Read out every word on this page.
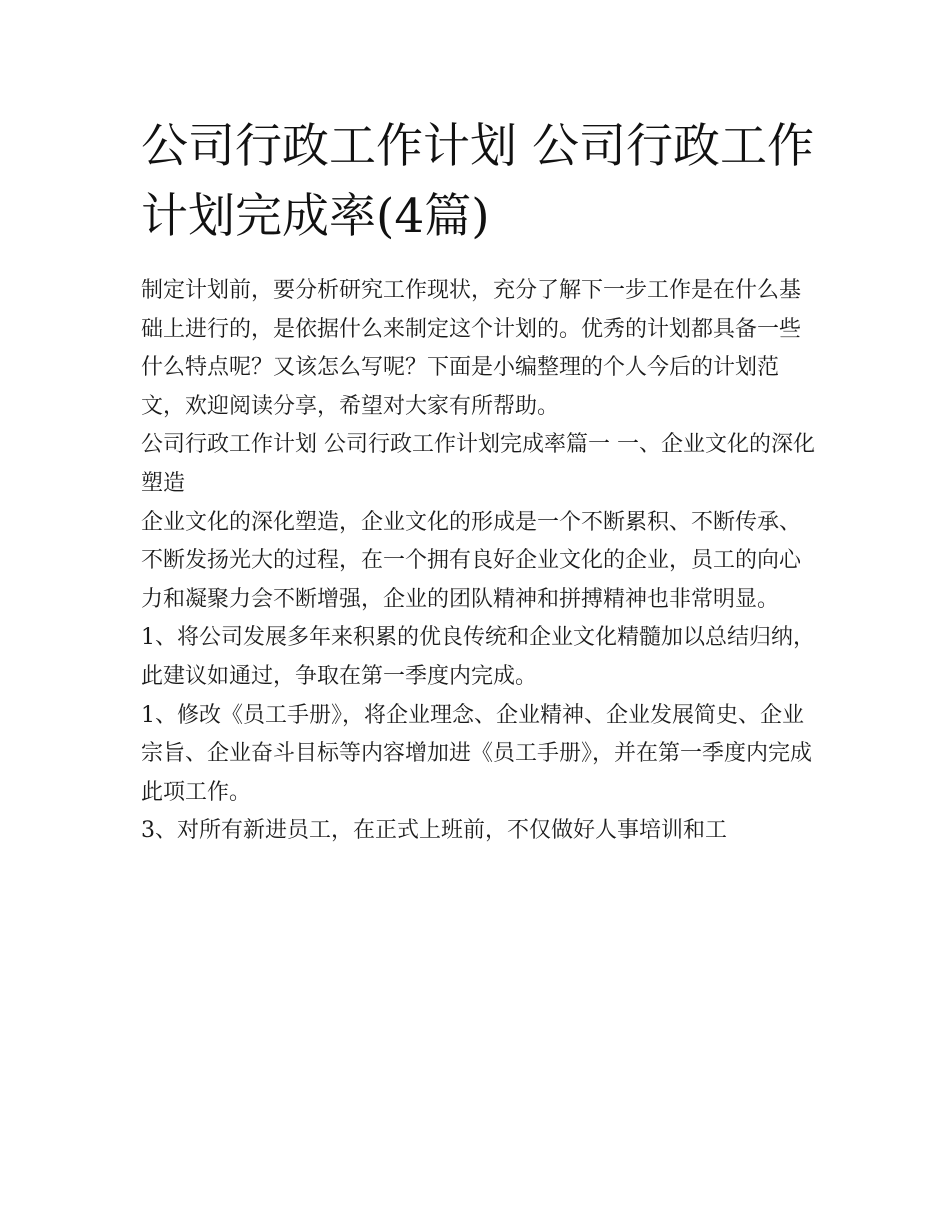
公司行政工作计划 公司行政工作计划完成率(4篇)

制定计划前，要分析研究工作现状，充分了解下一步工作是在什么基础上进行的，是依据什么来制定这个计划的。优秀的计划都具备一些什么特点呢？又该怎么写呢？下面是小编整理的个人今后的计划范文，欢迎阅读分享，希望对大家有所帮助。

公司行政工作计划 公司行政工作计划完成率篇一 一、企业文化的深化塑造

企业文化的深化塑造，企业文化的形成是一个不断累积、不断传承、不断发扬光大的过程，在一个拥有良好企业文化的企业，员工的向心力和凝聚力会不断增强，企业的团队精神和拼搏精神也非常明显。

1、将公司发展多年来积累的优良传统和企业文化精髓加以总结归纳，此建议如通过，争取在第一季度内完成。

1、修改《员工手册》，将企业理念、企业精神、企业发展简史、企业宗旨、企业奋斗目标等内容增加进《员工手册》，并在第一季度内完成此项工作。

3、对所有新进员工，在正式上班前，不仅做好人事培训和工
